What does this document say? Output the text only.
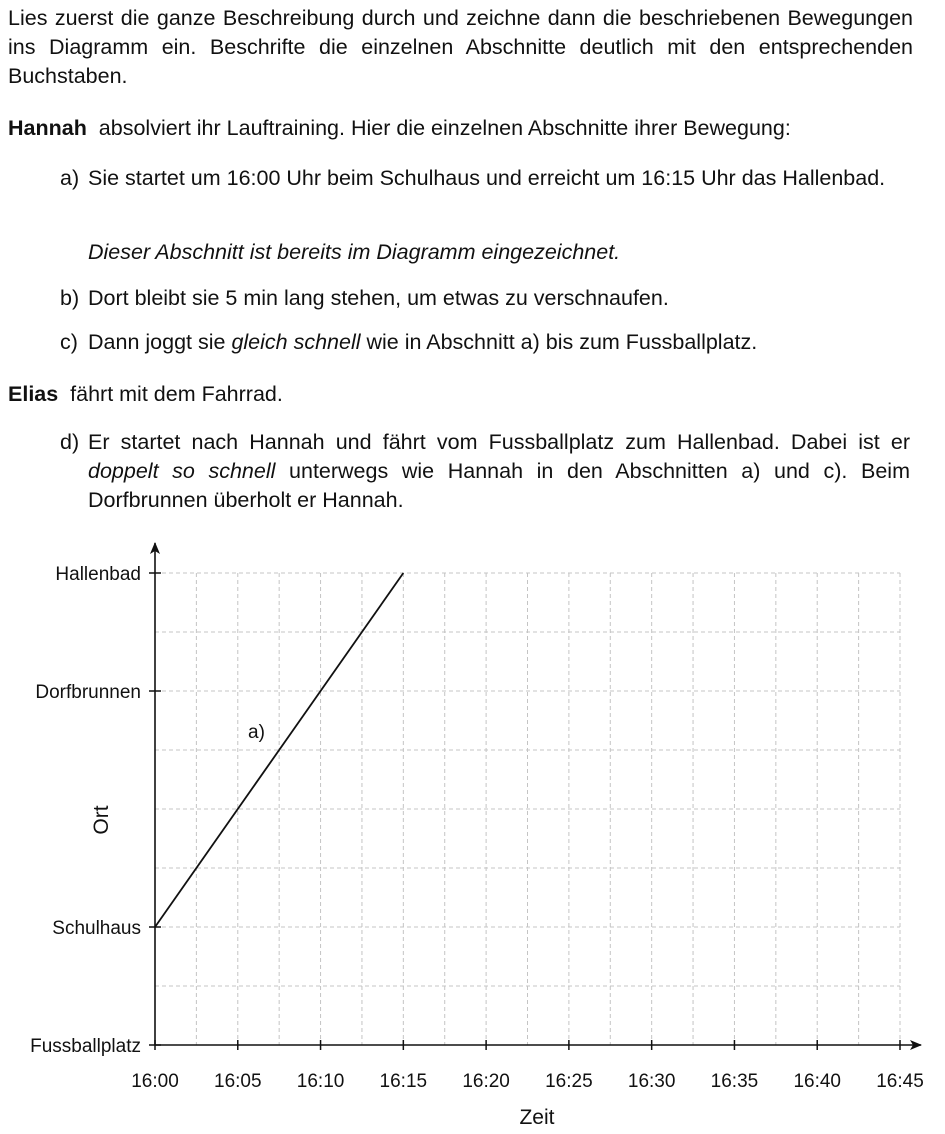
Lies zuerst die ganze Beschreibung durch und zeichne dann die beschriebenen Bewegungen ins Diagramm ein. Beschrifte die einzelnen Abschnitte deutlich mit den entsprechenden Buchstaben.
Hannah absolviert ihr Lauftraining. Hier die einzelnen Abschnitte ihrer Bewegung:
a) Sie startet um 16:00 Uhr beim Schulhaus und erreicht um 16:15 Uhr das Hallenbad.
Dieser Abschnitt ist bereits im Diagramm eingezeichnet.
b) Dort bleibt sie 5 min lang stehen, um etwas zu verschnaufen.
c) Dann joggt sie gleich schnell wie in Abschnitt a) bis zum Fussballplatz.
Elias fährt mit dem Fahrrad.
d) Er startet nach Hannah und fährt vom Fussballplatz zum Hallenbad. Dabei ist er doppelt so schnell unterwegs wie Hannah in den Abschnitten a) und c). Beim Dorfbrunnen überholt er Hannah.
16:00 16:05 16:10 16:15 16:20 16:25 16:30 16:35 16:40 16:45
Fussballplatz
Schulhaus
Dorfbrunnen
Hallenbad
a)
Zeit
Ort
